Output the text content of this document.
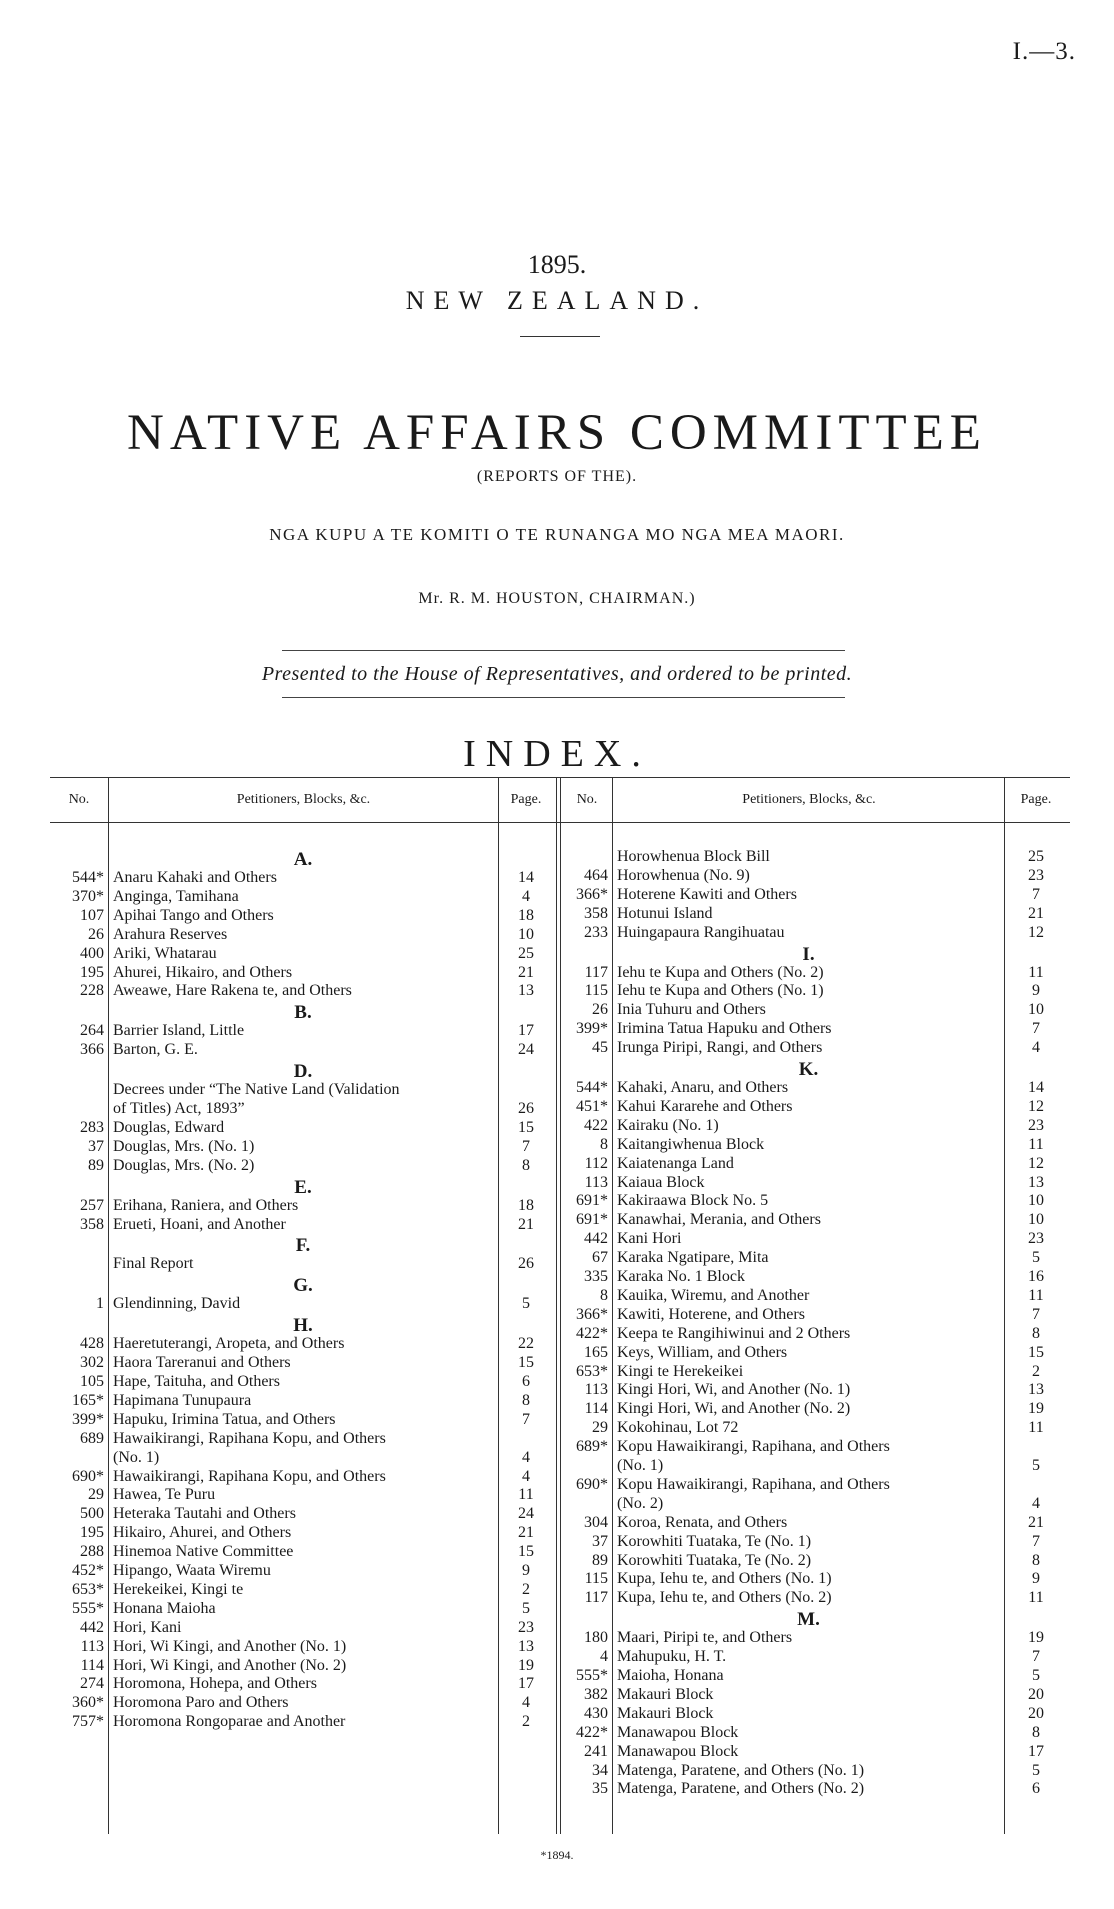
I.—3.
1895.
NEW ZEALAND.
NATIVE AFFAIRS COMMITTEE
(REPORTS OF THE).
NGA KUPU A TE KOMITI O TE RUNANGA MO NGA MEA MAORI.
Mr. R. M. HOUSTON, CHAIRMAN.)
Presented to the House of Representatives, and ordered to be printed.
INDEX.
No.	Petitioners, Blocks, &c.	Page.	No.	Petitioners, Blocks, &c.	Page.
A.
544* Anaru Kahaki and Others	14
370* Anginga, Tamihana	4
107 Apihai Tango and Others	18
26 Arahura Reserves	10
400 Ariki, Whatarau	25
195 Ahurei, Hikairo, and Others	21
228 Aweawe, Hare Rakena te, and Others	13
B.
264 Barrier Island, Little	17
366 Barton, G. E.	24
D.
Decrees under “The Native Land (Validation
of Titles) Act, 1893”	26
283 Douglas, Edward	15
37 Douglas, Mrs. (No. 1)	7
89 Douglas, Mrs. (No. 2)	8
E.
257 Erihana, Raniera, and Others	18
358 Erueti, Hoani, and Another	21
F.
Final Report	26
G.
1 Glendinning, David	5
H.
428 Haeretuterangi, Aropeta, and Others	22
302 Haora Tareranui and Others	15
105 Hape, Taituha, and Others	6
165* Hapimana Tunupaura	8
399* Hapuku, Irimina Tatua, and Others	7
689 Hawaikirangi, Rapihana Kopu, and Others
(No. 1)	4
690* Hawaikirangi, Rapihana Kopu, and Others	4
29 Hawea, Te Puru	11
500 Heteraka Tautahi and Others	24
195 Hikairo, Ahurei, and Others	21
288 Hinemoa Native Committee	15
452* Hipango, Waata Wiremu	9
653* Herekeikei, Kingi te	2
555* Honana Maioha	5
442 Hori, Kani	23
113 Hori, Wi Kingi, and Another (No. 1)	13
114 Hori, Wi Kingi, and Another (No. 2)	19
274 Horomona, Hohepa, and Others	17
360* Horomona Paro and Others	4
757* Horomona Rongoparae and Another	2
Horowhenua Block Bill	25
464 Horowhenua (No. 9)	23
366* Hoterene Kawiti and Others	7
358 Hotunui Island	21
233 Huingapaura Rangihuatau	12
I.
117 Iehu te Kupa and Others (No. 2)	11
115 Iehu te Kupa and Others (No. 1)	9
26 Inia Tuhuru and Others	10
399* Irimina Tatua Hapuku and Others	7
45 Irunga Piripi, Rangi, and Others	4
K.
544* Kahaki, Anaru, and Others	14
451* Kahui Kararehe and Others	12
422 Kairaku (No. 1)	23
8 Kaitangiwhenua Block	11
112 Kaiatenanga Land	12
113 Kaiaua Block	13
691* Kakiraawa Block No. 5	10
691* Kanawhai, Merania, and Others	10
442 Kani Hori	23
67 Karaka Ngatipare, Mita	5
335 Karaka No. 1 Block	16
8 Kauika, Wiremu, and Another	11
366* Kawiti, Hoterene, and Others	7
422* Keepa te Rangihiwinui and 2 Others	8
165 Keys, William, and Others	15
653* Kingi te Herekeikei	2
113 Kingi Hori, Wi, and Another (No. 1)	13
114 Kingi Hori, Wi, and Another (No. 2)	19
29 Kokohinau, Lot 72	11
689* Kopu Hawaikirangi, Rapihana, and Others
(No. 1)	5
690* Kopu Hawaikirangi, Rapihana, and Others
(No. 2)	4
304 Koroa, Renata, and Others	21
37 Korowhiti Tuataka, Te (No. 1)	7
89 Korowhiti Tuataka, Te (No. 2)	8
115 Kupa, Iehu te, and Others (No. 1)	9
117 Kupa, Iehu te, and Others (No. 2)	11
M.
180 Maari, Piripi te, and Others	19
4 Mahupuku, H. T.	7
555* Maioha, Honana	5
382 Makauri Block	20
430 Makauri Block	20
422* Manawapou Block	8
241 Manawapou Block	17
34 Matenga, Paratene, and Others (No. 1)	5
35 Matenga, Paratene, and Others (No. 2)	6
*1894.
